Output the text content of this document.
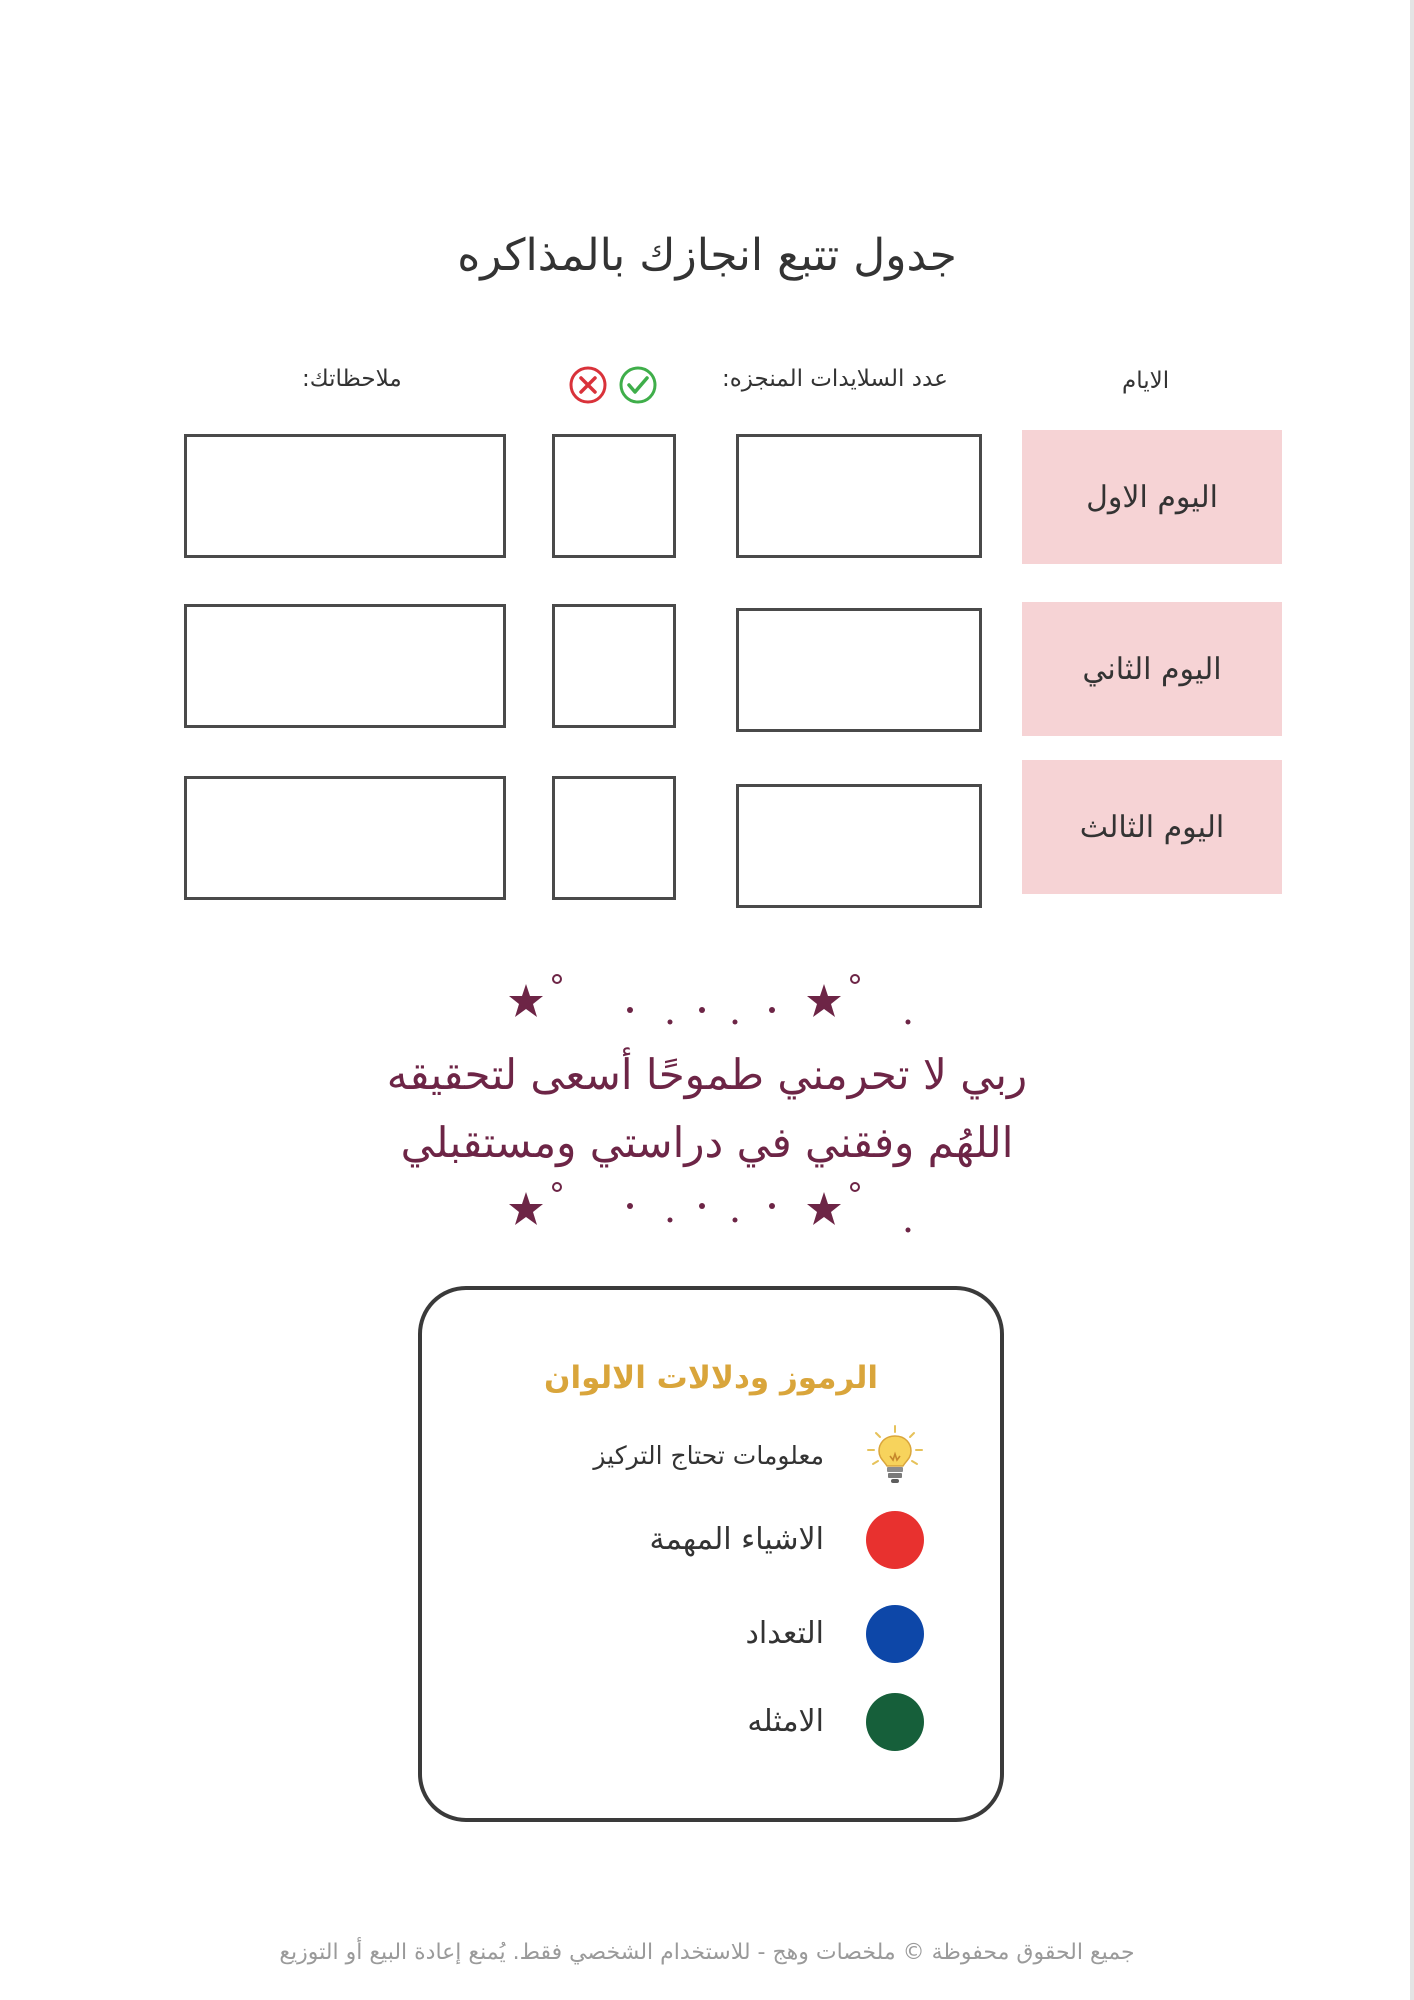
جدول تتبع انجازك بالمذاكره
الايام
عدد السلايدات المنجزه:
ملاحظاتك:
اليوم الاول
اليوم الثاني
اليوم الثالث
ربي لا تحرمني طموحًا أسعى لتحقيقه
اللهُم وفقني في دراستي ومستقبلي
الرموز ودلالات الالوان
معلومات تحتاج التركيز
الاشياء المهمة
التعداد
الامثله
جميع الحقوق محفوظة © ملخصات وهج - للاستخدام الشخصي فقط. يُمنع إعادة البيع أو التوزيع
